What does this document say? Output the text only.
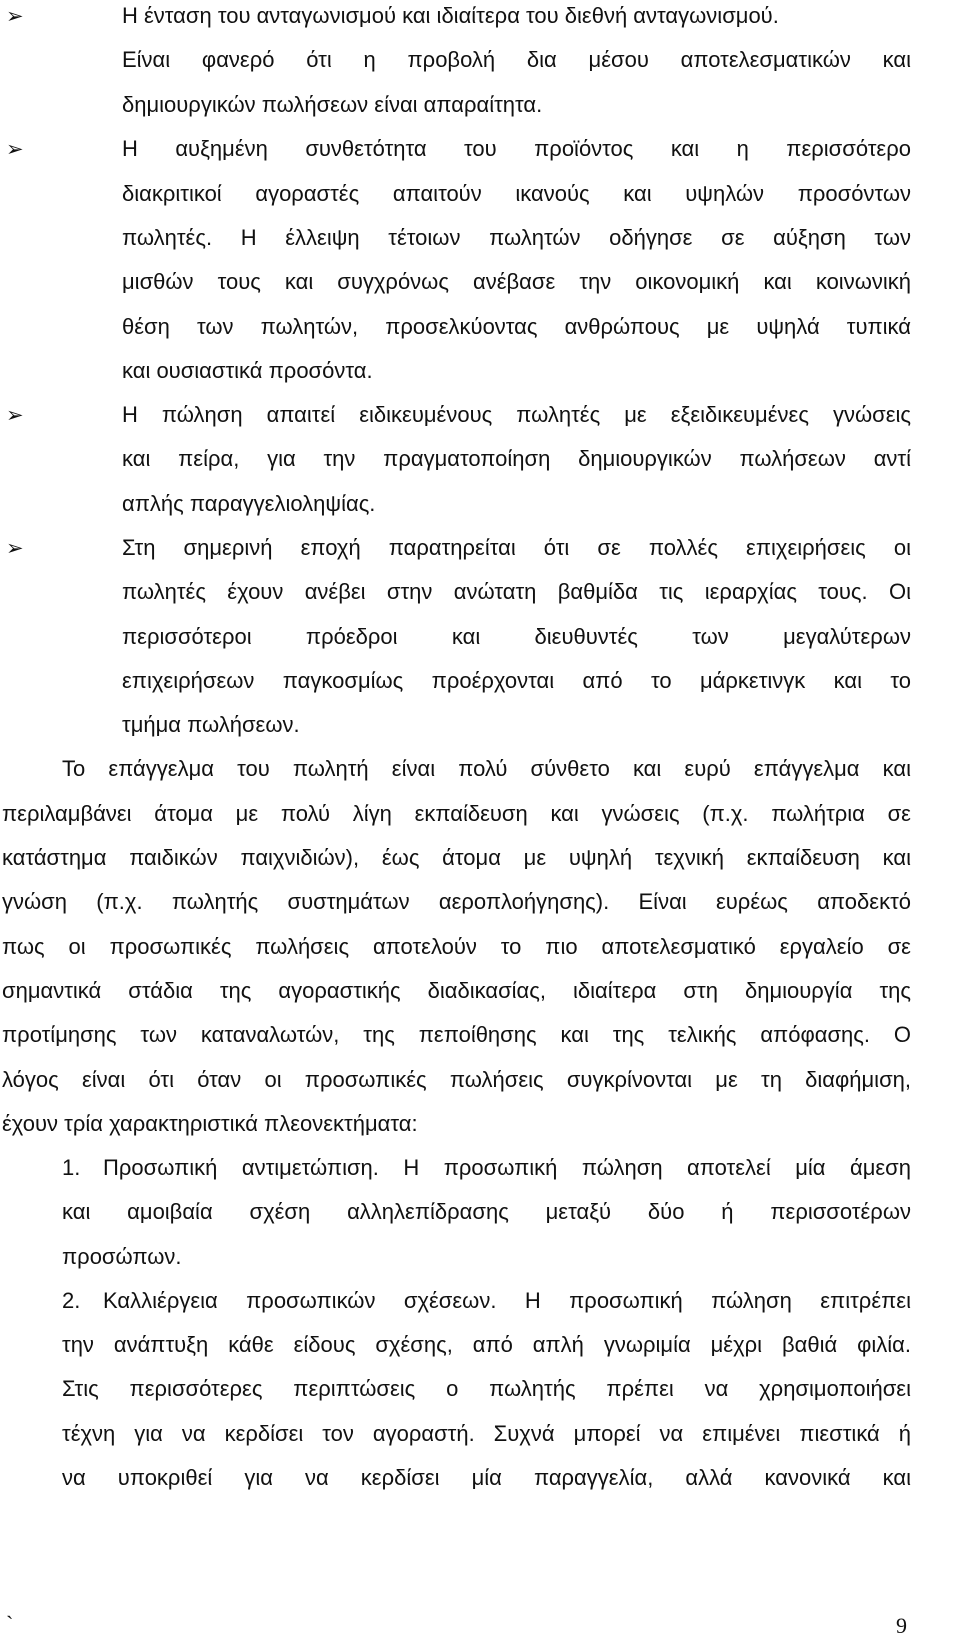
➢	Η ένταση του ανταγωνισμού και ιδιαίτερα του διεθνή ανταγωνισμού.
Είναι φανερό ότι η προβολή δια μέσου αποτελεσματικών και
δημιουργικών πωλήσεων είναι απαραίτητα.
➢	Η αυξημένη συνθετότητα του προϊόντος και η περισσότερο
διακριτικοί αγοραστές απαιτούν ικανούς και υψηλών προσόντων
πωλητές. Η έλλειψη τέτοιων πωλητών οδήγησε σε αύξηση των
μισθών τους και συγχρόνως ανέβασε την οικονομική και κοινωνική
θέση των πωλητών, προσελκύοντας ανθρώπους με υψηλά τυπικά
και ουσιαστικά προσόντα.
➢	Η πώληση απαιτεί ειδικευμένους πωλητές με εξειδικευμένες γνώσεις
και πείρα, για την πραγματοποίηση δημιουργικών πωλήσεων αντί
απλής παραγγελιοληψίας.
➢	Στη σημερινή εποχή παρατηρείται ότι σε πολλές επιχειρήσεις οι
πωλητές έχουν ανέβει στην ανώτατη βαθμίδα τις ιεραρχίας τους. Οι
περισσότεροι πρόεδροι και διευθυντές των μεγαλύτερων
επιχειρήσεων παγκοσμίως προέρχονται από το μάρκετινγκ και το
τμήμα πωλήσεων.
Το επάγγελμα του πωλητή είναι πολύ σύνθετο και ευρύ επάγγελμα και
περιλαμβάνει άτομα με πολύ λίγη εκπαίδευση και γνώσεις (π.χ. πωλήτρια σε
κατάστημα παιδικών παιχνιδιών), έως άτομα με υψηλή τεχνική εκπαίδευση και
γνώση (π.χ. πωλητής συστημάτων αεροπλοήγησης). Είναι ευρέως αποδεκτό
πως οι προσωπικές πωλήσεις αποτελούν το πιο αποτελεσματικό εργαλείο σε
σημαντικά στάδια της αγοραστικής διαδικασίας, ιδιαίτερα στη δημιουργία της
προτίμησης των καταναλωτών, της πεποίθησης και της τελικής απόφασης. Ο
λόγος είναι ότι όταν οι προσωπικές πωλήσεις συγκρίνονται με τη διαφήμιση,
έχουν τρία χαρακτηριστικά πλεονεκτήματα:
1. Προσωπική αντιμετώπιση. Η προσωπική πώληση αποτελεί μία άμεση
και αμοιβαία σχέση αλληλεπίδρασης μεταξύ δύο ή περισσοτέρων
προσώπων.
2. Καλλιέργεια προσωπικών σχέσεων. Η προσωπική πώληση επιτρέπει
την ανάπτυξη κάθε είδους σχέσης, από απλή γνωριμία μέχρι βαθιά φιλία.
Στις περισσότερες περιπτώσεις ο πωλητής πρέπει να χρησιμοποιήσει
τέχνη για να κερδίσει τον αγοραστή. Συχνά μπορεί να επιμένει πιεστικά ή
να υποκριθεί για να κερδίσει μία παραγγελία, αλλά κανονικά και
`	9
